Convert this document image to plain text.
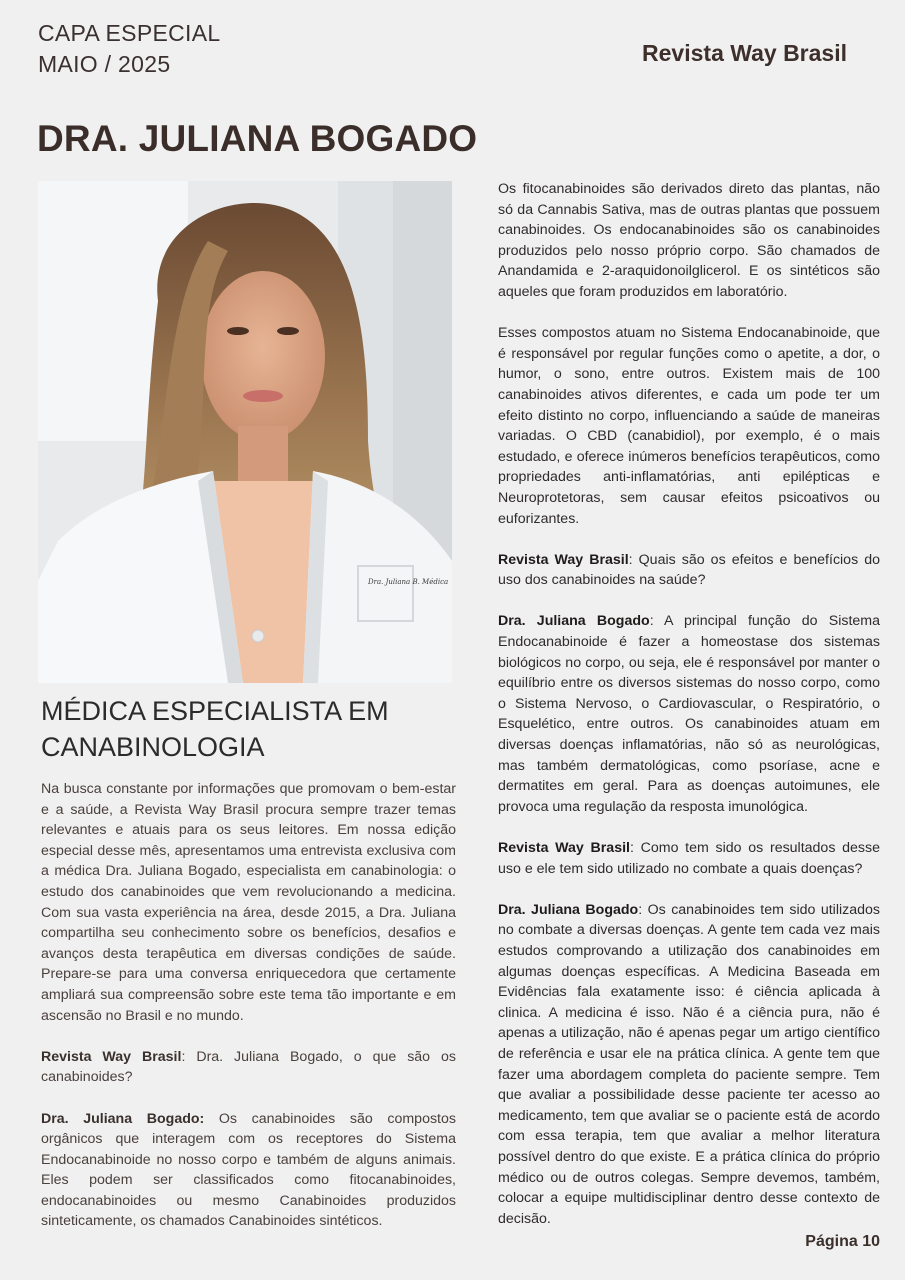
CAPA ESPECIAL
MAIO / 2025	Revista Way Brasil
DRA. JULIANA BOGADO
Dra. Juliana B. Médica
MÉDICA ESPECIALISTA EM CANABINOLOGIA

Na busca constante por informações que promovam o bem-estar e a saúde, a Revista Way Brasil procura sempre trazer temas relevantes e atuais para os seus leitores. Em nossa edição especial desse mês, apresentamos uma entrevista exclusiva com a médica Dra. Juliana Bogado, especialista em canabinologia: o estudo dos canabinoides que vem revolucionando a medicina. Com sua vasta experiência na área, desde 2015, a Dra. Juliana compartilha seu conhecimento sobre os benefícios, desafios e avanços desta terapêutica em diversas condições de saúde. Prepare-se para uma conversa enriquecedora que certamente ampliará sua compreensão sobre este tema tão importante e em ascensão no Brasil e no mundo.

Revista Way Brasil: Dra. Juliana Bogado, o que são os canabinoides?

Dra. Juliana Bogado: Os canabinoides são compostos orgânicos que interagem com os receptores do Sistema Endocanabinoide no nosso corpo e também de alguns animais. Eles podem ser classificados como fitocanabinoides, endocanabinoides ou mesmo Canabinoides produzidos sinteticamente, os chamados Canabinoides sintéticos.

Os fitocanabinoides são derivados direto das plantas, não só da Cannabis Sativa, mas de outras plantas que possuem canabinoides. Os endocanabinoides são os canabinoides produzidos pelo nosso próprio corpo. São chamados de Anandamida e 2-araquidonoilglicerol. E os sintéticos são aqueles que foram produzidos em laboratório.

Esses compostos atuam no Sistema Endocanabinoide, que é responsável por regular funções como o apetite, a dor, o humor, o sono, entre outros. Existem mais de 100 canabinoides ativos diferentes, e cada um pode ter um efeito distinto no corpo, influenciando a saúde de maneiras variadas. O CBD (canabidiol), por exemplo, é o mais estudado, e oferece inúmeros benefícios terapêuticos, como propriedades anti-inflamatórias, anti epilépticas e Neuroprotetoras, sem causar efeitos psicoativos ou euforizantes.

Revista Way Brasil: Quais são os efeitos e benefícios do uso dos canabinoides na saúde?

Dra. Juliana Bogado: A principal função do Sistema Endocanabinoide é fazer a homeostase dos sistemas biológicos no corpo, ou seja, ele é responsável por manter o equilíbrio entre os diversos sistemas do nosso corpo, como o Sistema Nervoso, o Cardiovascular, o Respiratório, o Esquelético, entre outros. Os canabinoides atuam em diversas doenças inflamatórias, não só as neurológicas, mas também dermatológicas, como psoríase, acne e dermatites em geral. Para as doenças autoimunes, ele provoca uma regulação da resposta imunológica.

Revista Way Brasil: Como tem sido os resultados desse uso e ele tem sido utilizado no combate a quais doenças?

Dra. Juliana Bogado: Os canabinoides tem sido utilizados no combate a diversas doenças. A gente tem cada vez mais estudos comprovando a utilização dos canabinoides em algumas doenças específicas. A Medicina Baseada em Evidências fala exatamente isso: é ciência aplicada à clinica. A medicina é isso. Não é a ciência pura, não é apenas a utilização, não é apenas pegar um artigo científico de referência e usar ele na prática clínica. A gente tem que fazer uma abordagem completa do paciente sempre. Tem que avaliar a possibilidade desse paciente ter acesso ao medicamento, tem que avaliar se o paciente está de acordo com essa terapia, tem que avaliar a melhor literatura possível dentro do que existe. E a prática clínica do próprio médico ou de outros colegas. Sempre devemos, também, colocar a equipe multidisciplinar dentro desse contexto de decisão.

Página 10
